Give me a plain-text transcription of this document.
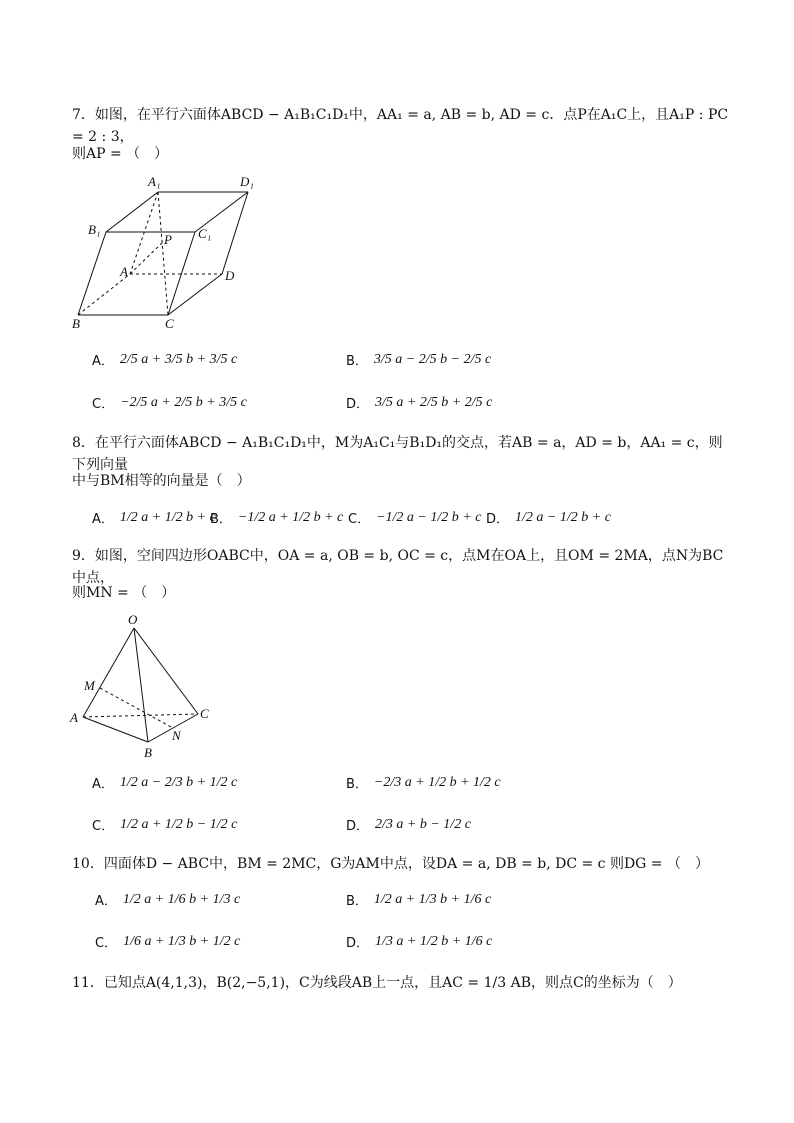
7．如图，在平行六面体ABCD − A₁B₁C₁D₁中，AA₁ = a, AB = b, AD = c．点P在A₁C上，且A₁P : PC = 2 : 3，
则AP = （　）
A₁	D₁
B₁	C₁
P
A	D
B	C
A． 2/5 a + 3/5 b + 3/5 c	B． 3/5 a − 2/5 b − 2/5 c
C． −2/5 a + 2/5 b + 3/5 c	D． 3/5 a + 2/5 b + 2/5 c
8．在平行六面体ABCD − A₁B₁C₁D₁中，M为A₁C₁与B₁D₁的交点，若AB = a，AD = b，AA₁ = c，则下列向量
中与BM相等的向量是（　）
A． 1/2 a + 1/2 b + c
B． −1/2 a + 1/2 b + c C． −1/2 a − 1/2 b + c D． 1/2 a − 1/2 b + c
9．如图，空间四边形OABC中，OA = a, OB = b, OC = c，点M在OA上，且OM = 2MA，点N为BC中点，
则MN = （　）
O
M
A	C
N
B
A． 1/2 a − 2/3 b + 1/2 c	B． −2/3 a + 1/2 b + 1/2 c
C． 1/2 a + 1/2 b − 1/2 c	D． 2/3 a + b − 1/2 c
10．四面体D − ABC中，BM = 2MC，G为AM中点，设DA = a, DB = b, DC = c 则DG = （　）
A． 1/2 a + 1/6 b + 1/3 c	B． 1/2 a + 1/3 b + 1/6 c
C． 1/6 a + 1/3 b + 1/2 c	D． 1/3 a + 1/2 b + 1/6 c
11．已知点A(4,1,3)，B(2,−5,1)，C为线段AB上一点，且AC = 1/3 AB，则点C的坐标为（　）
